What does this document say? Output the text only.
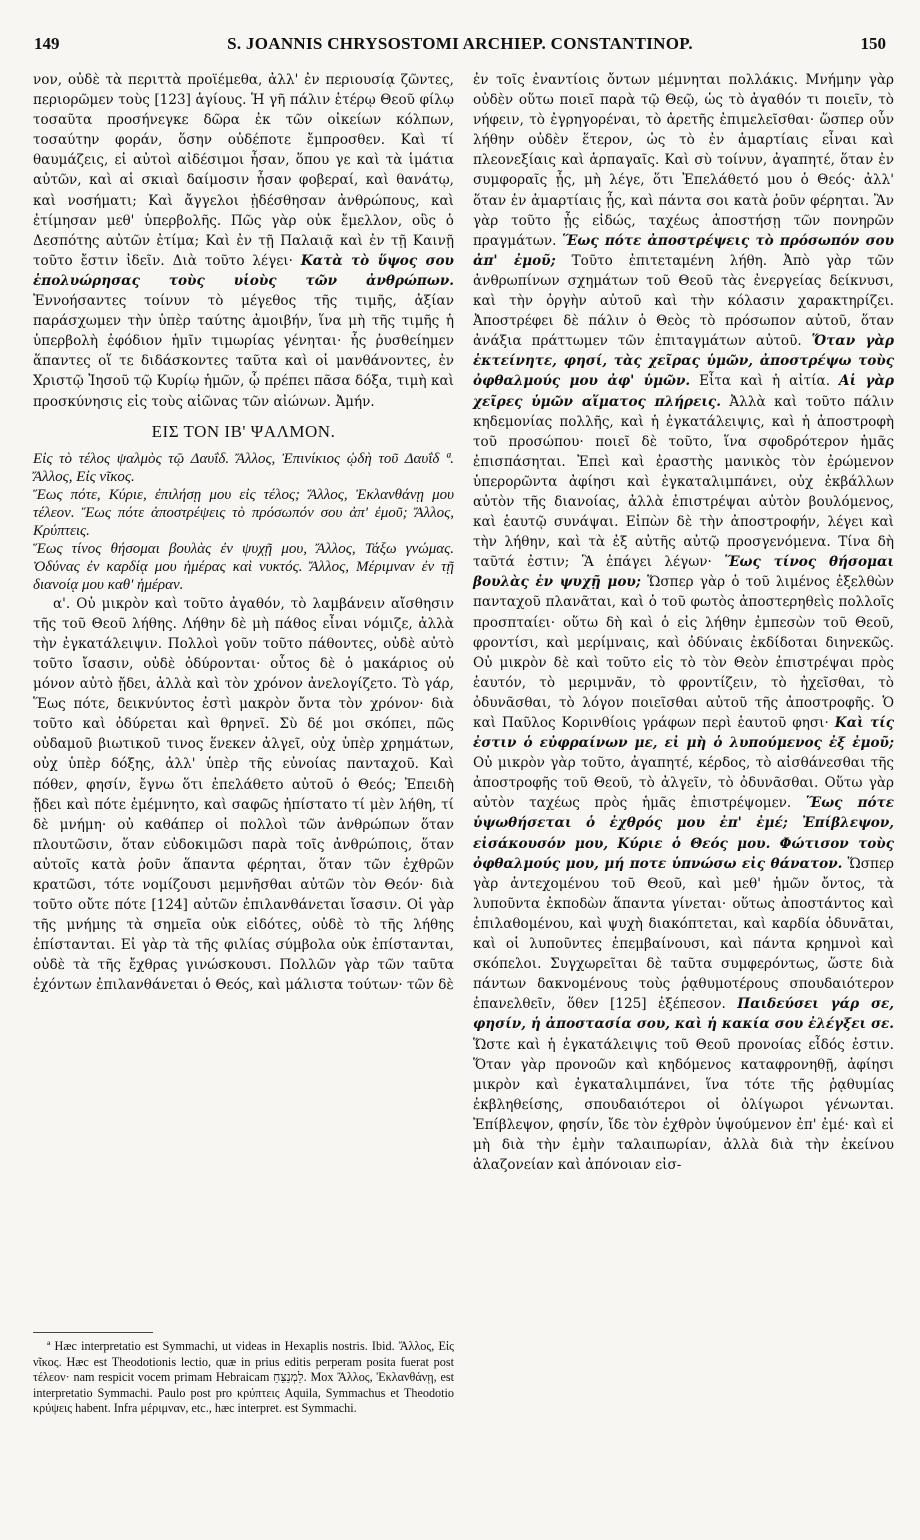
149	S. JOANNIS CHRYSOSTOMI ARCHIEP. CONSTANTINOP.	150

νον, οὐδὲ τὰ περιττὰ προϊέμεθα, ἀλλ' ἐν περιουσίᾳ ζῶντες, περιορῶμεν τοὺς [123] ἁγίους. Ἡ γῆ πάλιν ἑτέρῳ Θεοῦ φίλῳ τοσαῦτα προσήνεγκε δῶρα ἐκ τῶν οἰκείων κόλπων, τοσαύτην φοράν, ὅσην οὐδέποτε ἔμπροσθεν. Καὶ τί θαυμάζεις, εἰ αὐτοὶ αἰδέσιμοι ἦσαν, ὅπου γε καὶ τὰ ἱμάτια αὐτῶν, καὶ αἱ σκιαὶ δαίμοσιν ἦσαν φοβεραί, καὶ θανάτῳ, καὶ νοσήματι; Καὶ ἄγγελοι ᾐδέσθησαν ἀνθρώπους, καὶ ἐτίμησαν μεθ' ὑπερβολῆς. Πῶς γὰρ οὐκ ἔμελλον, οὓς ὁ Δεσπότης αὐτῶν ἐτίμα; Καὶ ἐν τῇ Παλαιᾷ καὶ ἐν τῇ Καινῇ τοῦτο ἔστιν ἰδεῖν. Διὰ τοῦτο λέγει· Κατὰ τὸ ὕψος σου ἐπολυώρησας τοὺς υἱοὺς τῶν ἀνθρώπων. Ἐννοήσαντες τοίνυν τὸ μέγεθος τῆς τιμῆς, ἀξίαν παράσχωμεν τὴν ὑπὲρ ταύτης ἀμοιβήν, ἵνα μὴ τῆς τιμῆς ἡ ὑπερβολὴ ἐφόδιον ἡμῖν τιμωρίας γένηται· ἧς ῥυσθείημεν ἅπαντες οἵ τε διδάσκοντες ταῦτα καὶ οἱ μανθάνοντες, ἐν Χριστῷ Ἰησοῦ τῷ Κυρίῳ ἡμῶν, ᾧ πρέπει πᾶσα δόξα, τιμὴ καὶ προσκύνησις εἰς τοὺς αἰῶνας τῶν αἰώνων. Ἀμήν.

ΕΙΣ ΤΟΝ ΙΒ' ΨΑΛΜΟΝ.

Εἰς τὸ τέλος ψαλμὸς τῷ Δαυΐδ. Ἄλλος, Ἐπινίκιος ᾠδὴ τοῦ Δαυΐδ ª. Ἄλλος, Εἰς νῖκος.

Ἕως πότε, Κύριε, ἐπιλήσῃ μου εἰς τέλος; Ἄλλος, Ἐκλανθάνῃ μου τέλεον. Ἕως πότε ἀποστρέψεις τὸ πρόσωπόν σου ἀπ' ἐμοῦ; Ἄλλος, Κρύπτεις.

Ἕως τίνος θήσομαι βουλὰς ἐν ψυχῇ μου, Ἄλλος, Τάξω γνώμας. Ὀδύνας ἐν καρδίᾳ μου ἡμέρας καὶ νυκτός. Ἄλλος, Μέριμναν ἐν τῇ διανοίᾳ μου καθ' ἡμέραν.

α'. Οὐ μικρὸν καὶ τοῦτο ἀγαθόν, τὸ λαμβάνειν αἴσθησιν τῆς τοῦ Θεοῦ λήθης. Λήθην δὲ μὴ πάθος εἶναι νόμιζε, ἀλλὰ τὴν ἐγκατάλειψιν. Πολλοὶ γοῦν τοῦτο πάθοντες, οὐδὲ αὐτὸ τοῦτο ἴσασιν, οὐδὲ ὀδύρονται· οὗτος δὲ ὁ μακάριος οὐ μόνον αὐτὸ ᾔδει, ἀλλὰ καὶ τὸν χρόνον ἀνελογίζετο. Τὸ γάρ, Ἕως πότε, δεικνύντος ἐστὶ μακρὸν ὄντα τὸν χρόνον· διὰ τοῦτο καὶ ὀδύρεται καὶ θρηνεῖ. Σὺ δέ μοι σκόπει, πῶς οὐδαμοῦ βιωτικοῦ τινος ἕνεκεν ἀλγεῖ, οὐχ ὑπὲρ χρημάτων, οὐχ ὑπὲρ δόξης, ἀλλ' ὑπὲρ τῆς εὐνοίας πανταχοῦ. Καὶ πόθεν, φησίν, ἔγνω ὅτι ἐπελάθετο αὐτοῦ ὁ Θεός; Ἐπειδὴ ᾔδει καὶ πότε ἐμέμνητο, καὶ σαφῶς ἠπίστατο τί μὲν λήθη, τί δὲ μνήμη· οὐ καθάπερ οἱ πολλοὶ τῶν ἀνθρώπων ὅταν πλουτῶσιν, ὅταν εὐδοκιμῶσι παρὰ τοῖς ἀνθρώποις, ὅταν αὐτοῖς κατὰ ῥοῦν ἅπαντα φέρηται, ὅταν τῶν ἐχθρῶν κρατῶσι, τότε νομίζουσι μεμνῆσθαι αὐτῶν τὸν Θεόν· διὰ τοῦτο οὔτε πότε [124] αὐτῶν ἐπιλανθάνεται ἴσασιν. Οἱ γὰρ τῆς μνήμης τὰ σημεῖα οὐκ εἰδότες, οὐδὲ τὸ τῆς λήθης ἐπίστανται. Εἰ γὰρ τὰ τῆς φιλίας σύμβολα οὐκ ἐπίστανται, οὐδὲ τὰ τῆς ἔχθρας γινώσκουσι. Πολλῶν γὰρ τῶν ταῦτα ἐχόντων ἐπιλανθάνεται ὁ Θεός, καὶ μάλιστα τούτων· τῶν δὲ

ἐν τοῖς ἐναντίοις ὄντων μέμνηται πολλάκις. Μνήμην γὰρ οὐδὲν οὕτω ποιεῖ παρὰ τῷ Θεῷ, ὡς τὸ ἀγαθόν τι ποιεῖν, τὸ νήφειν, τὸ ἐγρηγορέναι, τὸ ἀρετῆς ἐπιμελεῖσθαι· ὥσπερ οὖν λήθην οὐδὲν ἕτερον, ὡς τὸ ἐν ἁμαρτίαις εἶναι καὶ πλεονεξίαις καὶ ἁρπαγαῖς. Καὶ σὺ τοίνυν, ἀγαπητέ, ὅταν ἐν συμφοραῖς ᾖς, μὴ λέγε, ὅτι Ἐπελάθετό μου ὁ Θεός· ἀλλ' ὅταν ἐν ἁμαρτίαις ᾖς, καὶ πάντα σοι κατὰ ῥοῦν φέρηται. Ἂν γὰρ τοῦτο ᾖς εἰδώς, ταχέως ἀποστήσῃ τῶν πονηρῶν πραγμάτων. Ἕως πότε ἀποστρέψεις τὸ πρόσωπόν σου ἀπ' ἐμοῦ; Τοῦτο ἐπιτεταμένη λήθη. Ἀπὸ γὰρ τῶν ἀνθρωπίνων σχημάτων τοῦ Θεοῦ τὰς ἐνεργείας δείκνυσι, καὶ τὴν ὀργὴν αὐτοῦ καὶ τὴν κόλασιν χαρακτηρίζει. Ἀποστρέφει δὲ πάλιν ὁ Θεὸς τὸ πρόσωπον αὐτοῦ, ὅταν ἀνάξια πράττωμεν τῶν ἐπιταγμάτων αὐτοῦ. Ὅταν γὰρ ἐκτείνητε, φησί, τὰς χεῖρας ὑμῶν, ἀποστρέψω τοὺς ὀφθαλμούς μου ἀφ' ὑμῶν. Εἶτα καὶ ἡ αἰτία. Αἱ γὰρ χεῖρες ὑμῶν αἵματος πλήρεις. Ἀλλὰ καὶ τοῦτο πάλιν κηδεμονίας πολλῆς, καὶ ἡ ἐγκατάλειψις, καὶ ἡ ἀποστροφὴ τοῦ προσώπου· ποιεῖ δὲ τοῦτο, ἵνα σφοδρότερον ἡμᾶς ἐπισπάσηται. Ἐπεὶ καὶ ἐραστὴς μανικὸς τὸν ἐρώμενον ὑπερορῶντα ἀφίησι καὶ ἐγκαταλιμπάνει, οὐχ ἐκβάλλων αὐτὸν τῆς διανοίας, ἀλλὰ ἐπιστρέψαι αὐτὸν βουλόμενος, καὶ ἑαυτῷ συνάψαι. Εἰπὼν δὲ τὴν ἀποστροφήν, λέγει καὶ τὴν λήθην, καὶ τὰ ἐξ αὐτῆς αὐτῷ προσγενόμενα. Τίνα δὴ ταῦτά ἐστιν; Ἃ ἐπάγει λέγων· Ἕως τίνος θήσομαι βουλὰς ἐν ψυχῇ μου; Ὥσπερ γὰρ ὁ τοῦ λιμένος ἐξελθὼν πανταχοῦ πλανᾶται, καὶ ὁ τοῦ φωτὸς ἀποστερηθεὶς πολλοῖς προσπταίει· οὕτω δὴ καὶ ὁ εἰς λήθην ἐμπεσὼν τοῦ Θεοῦ, φροντίσι, καὶ μερίμναις, καὶ ὀδύναις ἐκδίδοται διηνεκῶς. Οὐ μικρὸν δὲ καὶ τοῦτο εἰς τὸ τὸν Θεὸν ἐπιστρέψαι πρὸς ἑαυτόν, τὸ μεριμνᾶν, τὸ φροντίζειν, τὸ ἠχεῖσθαι, τὸ ὀδυνᾶσθαι, τὸ λόγον ποιεῖσθαι αὐτοῦ τῆς ἀποστροφῆς. Ὁ καὶ Παῦλος Κορινθίοις γράφων περὶ ἑαυτοῦ φησι· Καὶ τίς ἐστιν ὁ εὐφραίνων με, εἰ μὴ ὁ λυπούμενος ἐξ ἐμοῦ; Οὐ μικρὸν γὰρ τοῦτο, ἀγαπητέ, κέρδος, τὸ αἰσθάνεσθαι τῆς ἀποστροφῆς τοῦ Θεοῦ, τὸ ἀλγεῖν, τὸ ὀδυνᾶσθαι. Οὕτω γὰρ αὐτὸν ταχέως πρὸς ἡμᾶς ἐπιστρέψομεν. Ἕως πότε ὑψωθήσεται ὁ ἐχθρός μου ἐπ' ἐμέ; Ἐπίβλεψον, εἰσάκουσόν μου, Κύριε ὁ Θεός μου. Φώτισον τοὺς ὀφθαλμούς μου, μή ποτε ὑπνώσω εἰς θάνατον. Ὥσπερ γὰρ ἀντεχομένου τοῦ Θεοῦ, καὶ μεθ' ἡμῶν ὄντος, τὰ λυποῦντα ἐκποδὼν ἅπαντα γίνεται· οὕτως ἀποστάντος καὶ ἐπιλαθομένου, καὶ ψυχὴ διακόπτεται, καὶ καρδία ὀδυνᾶται, καὶ οἱ λυποῦντες ἐπεμβαίνουσι, καὶ πάντα κρημνοὶ καὶ σκόπελοι. Συγχωρεῖται δὲ ταῦτα συμφερόντως, ὥστε διὰ πάντων δακνομένους τοὺς ῥᾳθυμοτέρους σπουδαιότερον ἐπανελθεῖν, ὅθεν [125] ἐξέπεσον. Παιδεύσει γάρ σε, φησίν, ἡ ἀποστασία σου, καὶ ἡ κακία σου ἐλέγξει σε. Ὥστε καὶ ἡ ἐγκατάλειψις τοῦ Θεοῦ προνοίας εἶδός ἐστιν. Ὅταν γὰρ προνοῶν καὶ κηδόμενος καταφρονηθῇ, ἀφίησι μικρὸν καὶ ἐγκαταλιμπάνει, ἵνα τότε τῆς ῥᾳθυμίας ἐκβληθείσης, σπουδαιότεροι οἱ ὀλίγωροι γένωνται. Ἐπίβλεψον, φησίν, ἴδε τὸν ἐχθρὸν ὑψούμενον ἐπ' ἐμέ· καὶ εἰ μὴ διὰ τὴν ἐμὴν ταλαιπωρίαν, ἀλλὰ διὰ τὴν ἐκείνου ἀλαζονείαν καὶ ἀπόνοιαν εἰσ-

ª Hæc interpretatio est Symmachi, ut videas in Hexaplis nostris. Ibid. Ἄλλος, Εἰς νῖκος. Hæc est Theodotionis lectio, quæ in prius editis perperam posita fuerat post τέλεον· nam respicit vocem primam Hebraicam לַמְנַצֵּחַ. Mox Ἄλλος, Ἐκλανθάνῃ, est interpretatio Symmachi. Paulo post pro κρύπτεις Aquila, Symmachus et Theodotio κρύψεις habent. Infra μέριμναν, etc., hæc interpret. est Symmachi.
